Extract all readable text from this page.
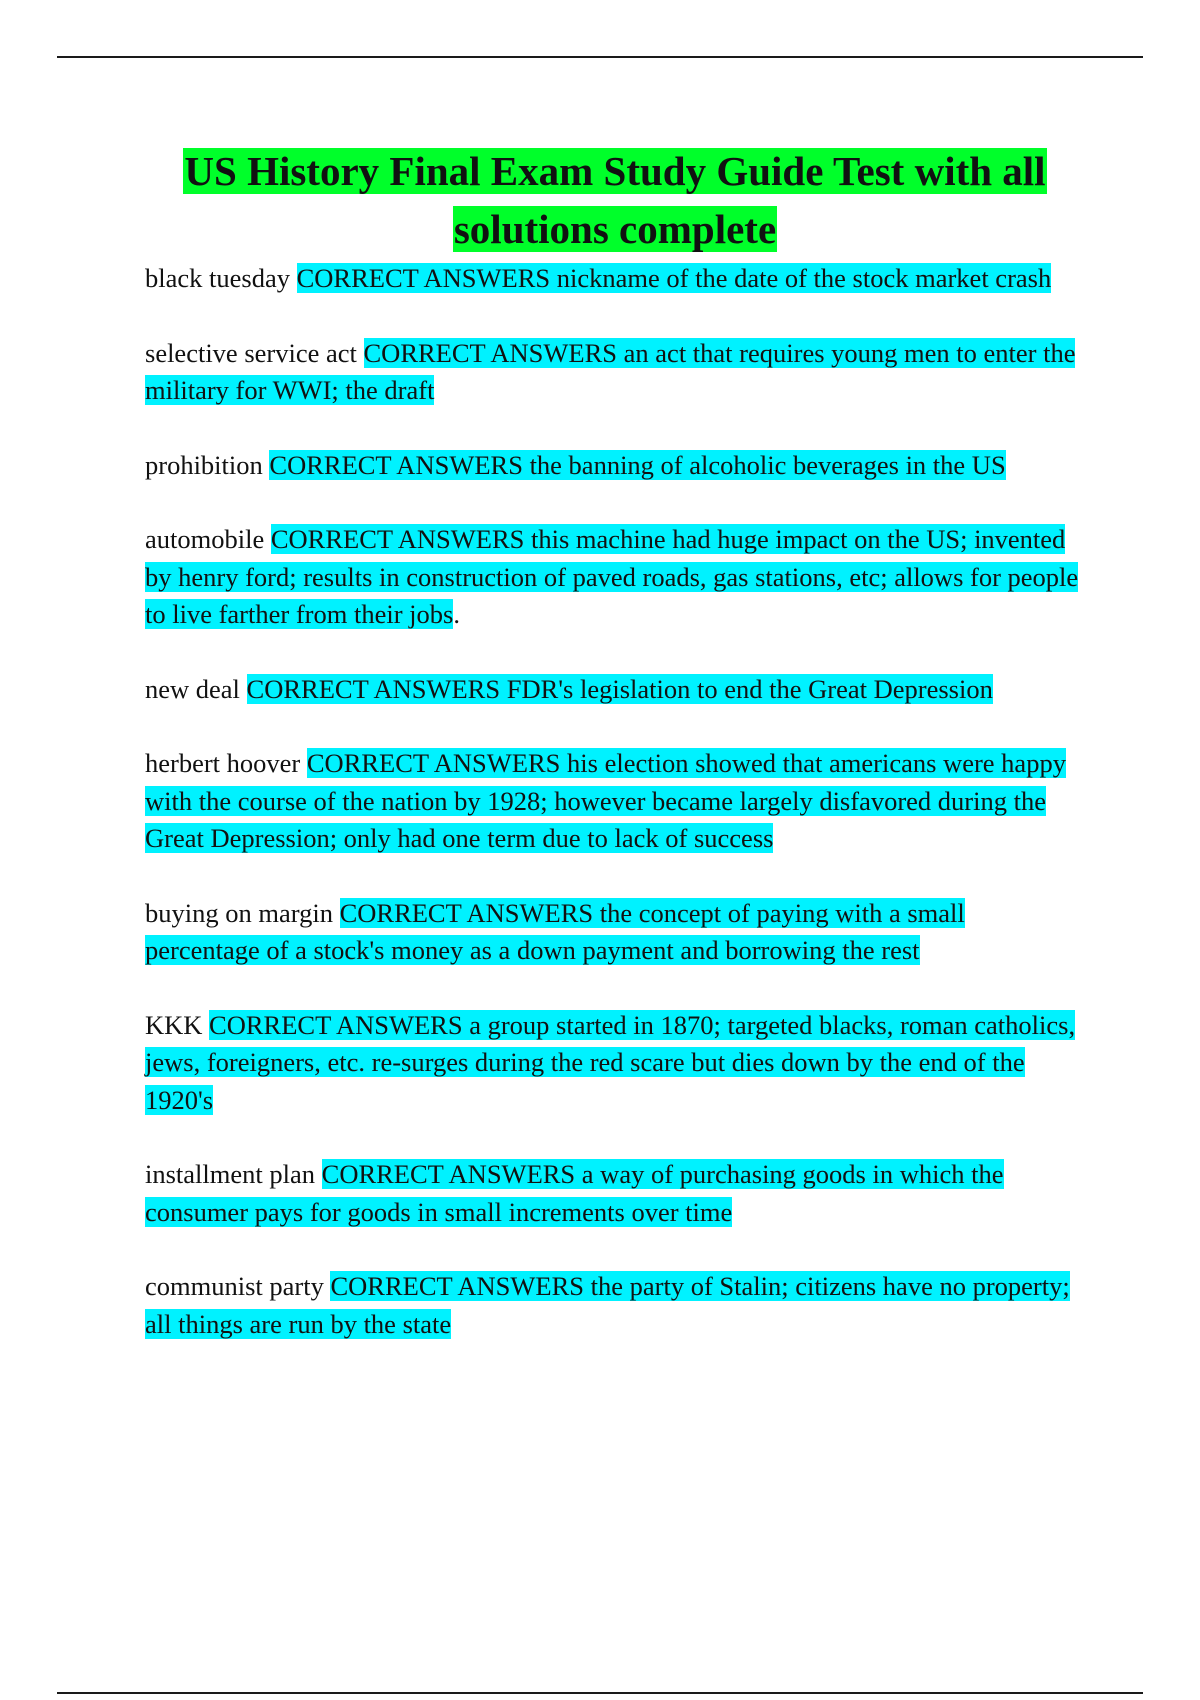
US History Final Exam Study Guide Test with all
solutions complete

black tuesday CORRECT ANSWERS nickname of the date of the stock market crash

selective service act CORRECT ANSWERS an act that requires young men to enter the military for WWI; the draft

prohibition CORRECT ANSWERS the banning of alcoholic beverages in the US

automobile CORRECT ANSWERS this machine had huge impact on the US; invented by henry ford; results in construction of paved roads, gas stations, etc; allows for people to live farther from their jobs.

new deal CORRECT ANSWERS FDR's legislation to end the Great Depression

herbert hoover CORRECT ANSWERS his election showed that americans were happy with the course of the nation by 1928; however became largely disfavored during the Great Depression; only had one term due to lack of success

buying on margin CORRECT ANSWERS the concept of paying with a small percentage of a stock's money as a down payment and borrowing the rest

KKK CORRECT ANSWERS a group started in 1870; targeted blacks, roman catholics, jews, foreigners, etc. re-surges during the red scare but dies down by the end of the 1920's

installment plan CORRECT ANSWERS a way of purchasing goods in which the consumer pays for goods in small increments over time

communist party CORRECT ANSWERS the party of Stalin; citizens have no property; all things are run by the state
